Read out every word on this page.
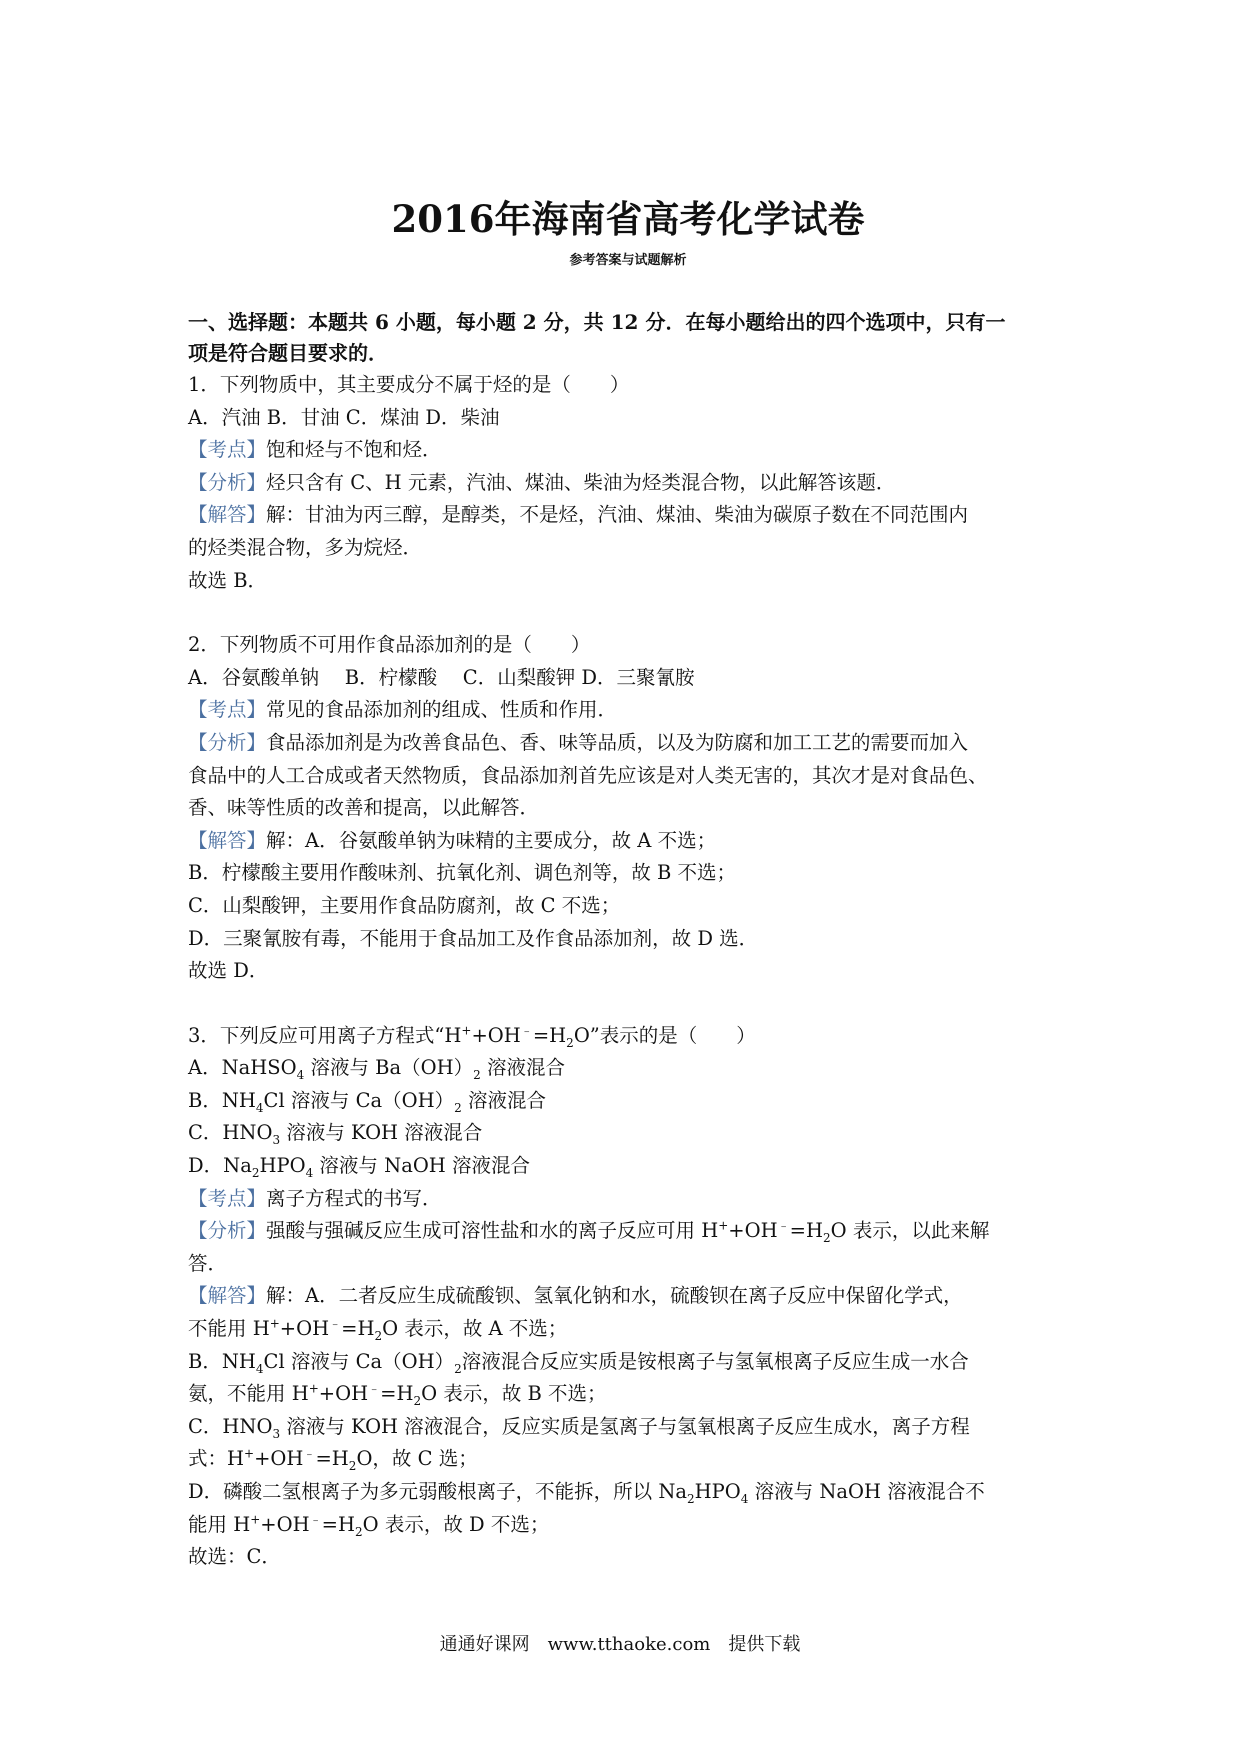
2016年海南省高考化学试卷
参考答案与试题解析
一、选择题：本题共 6 小题，每小题 2 分，共 12 分．在每小题给出的四个选项中，只有一
项是符合题目要求的．
1．下列物质中，其主要成分不属于烃的是（　　）
A．汽油 B．甘油 C．煤油 D．柴油
【考点】饱和烃与不饱和烃．
【分析】烃只含有 C、H 元素，汽油、煤油、柴油为烃类混合物，以此解答该题．
【解答】解：甘油为丙三醇，是醇类，不是烃，汽油、煤油、柴油为碳原子数在不同范围内
的烃类混合物，多为烷烃．
故选 B．
2．下列物质不可用作食品添加剂的是（　　）
A．谷氨酸单钠　 B．柠檬酸　 C．山梨酸钾 D．三聚氰胺
【考点】常见的食品添加剂的组成、性质和作用．
【分析】食品添加剂是为改善食品色、香、味等品质，以及为防腐和加工工艺的需要而加入
食品中的人工合成或者天然物质，食品添加剂首先应该是对人类无害的，其次才是对食品色、
香、味等性质的改善和提高，以此解答．
【解答】解：A．谷氨酸单钠为味精的主要成分，故 A 不选；
B．柠檬酸主要用作酸味剂、抗氧化剂、调色剂等，故 B 不选；
C．山梨酸钾，主要用作食品防腐剂，故 C 不选；
D．三聚氰胺有毒，不能用于食品加工及作食品添加剂，故 D 选．
故选 D．
3．下列反应可用离子方程式“$H^++OH^﹣=H_2O$”表示的是（　　）
A．NaHSO$_4$ 溶液与 $Ba(OH)_2$ 溶液混合
B．$NH_4Cl$ 溶液与 $Ca(OH)_2$ 溶液混合
C．$HNO_3$ 溶液与 KOH 溶液混合
D．$Na_2HPO_4$ 溶液与 NaOH 溶液混合
【考点】离子方程式的书写．
【分析】强酸与强碱反应生成可溶性盐和水的离子反应可用 $H^++OH^﹣=H_2O$ 表示，以此来解
答．
【解答】解：A．二者反应生成硫酸钡、氢氧化钠和水，硫酸钡在离子反应中保留化学式，
不能用 $H^++OH^﹣=H_2O$ 表示，故 A 不选；
B．$NH_4Cl$ 溶液与 $Ca(OH)_2$溶液混合反应实质是铵根离子与氢氧根离子反应生成一水合
氨，不能用 $H^++OH^﹣=H_2O$ 表示，故 B 不选；
C．$HNO_3$ 溶液与 KOH 溶液混合，反应实质是氢离子与氢氧根离子反应生成水，离子方程
式：$H^++OH^﹣=H_2O$，故 C 选；
D．磷酸二氢根离子为多元弱酸根离子，不能拆，所以 $Na_2HPO_4$ 溶液与 NaOH 溶液混合不
能用 $H^++OH^﹣=H_2O$ 表示，故 D 不选；
故选：C．
通通好课网　www.tthaoke.com　提供下载
